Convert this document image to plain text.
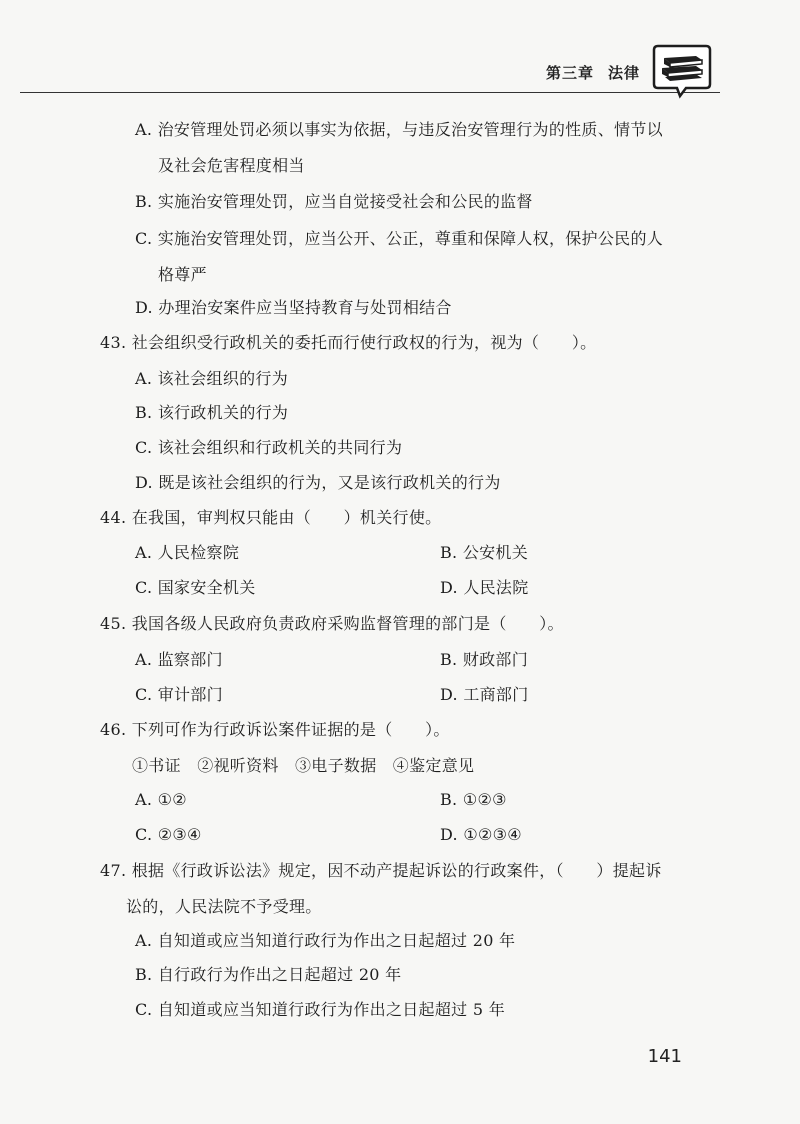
第三章 法律
A. 治安管理处罚必须以事实为依据，与违反治安管理行为的性质、情节以
及社会危害程度相当
B. 实施治安管理处罚，应当自觉接受社会和公民的监督
C. 实施治安管理处罚，应当公开、公正，尊重和保障人权，保护公民的人
格尊严
D. 办理治安案件应当坚持教育与处罚相结合
43. 社会组织受行政机关的委托而行使行政权的行为，视为（　　）。
A. 该社会组织的行为
B. 该行政机关的行为
C. 该社会组织和行政机关的共同行为
D. 既是该社会组织的行为，又是该行政机关的行为
44. 在我国，审判权只能由（　　）机关行使。
A. 人民检察院	B. 公安机关
C. 国家安全机关	D. 人民法院
45. 我国各级人民政府负责政府采购监督管理的部门是（　　）。
A. 监察部门	B. 财政部门
C. 审计部门	D. 工商部门
46. 下列可作为行政诉讼案件证据的是（　　）。
①书证　②视听资料　③电子数据　④鉴定意见
A. ①②	B. ①②③
C. ②③④	D. ①②③④
47. 根据《行政诉讼法》规定，因不动产提起诉讼的行政案件，（　　）提起诉
讼的，人民法院不予受理。
A. 自知道或应当知道行政行为作出之日起超过 20 年
B. 自行政行为作出之日起超过 20 年
C. 自知道或应当知道行政行为作出之日起超过 5 年
141
